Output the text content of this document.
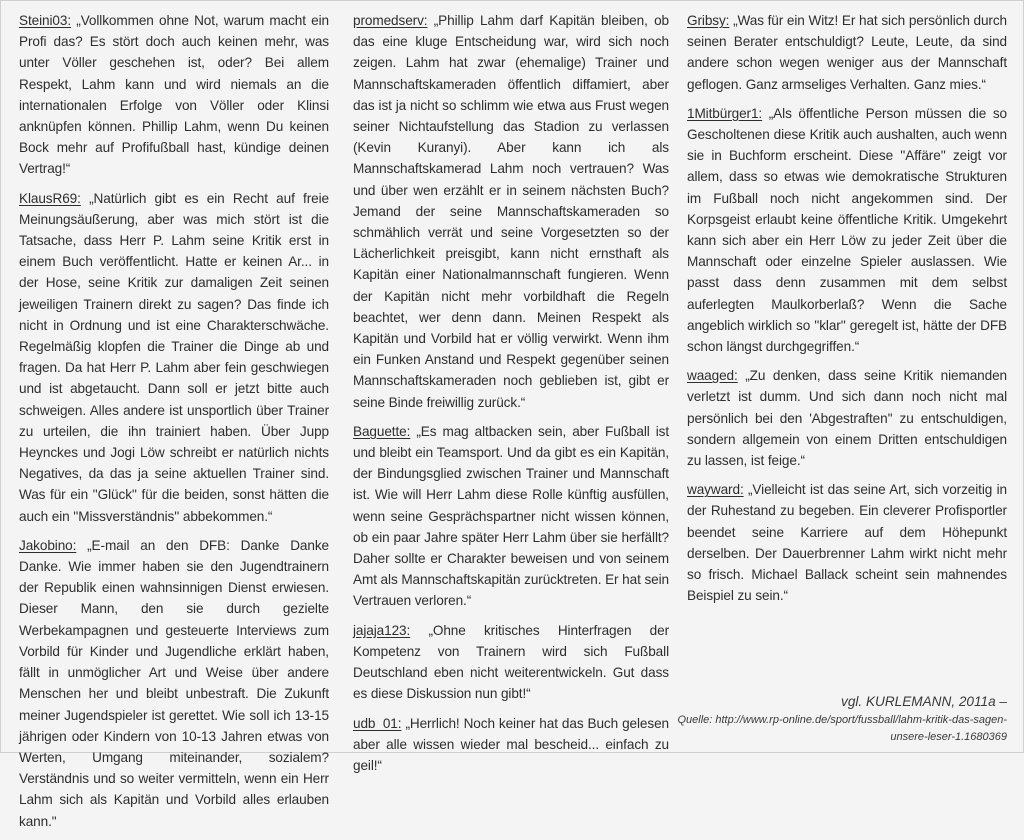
Steini03: „Vollkommen ohne Not, warum macht ein Profi das? Es stört doch auch keinen mehr, was unter Völler geschehen ist, oder? Bei allem Respekt, Lahm kann und wird niemals an die internationalen Erfolge von Völler oder Klinsi anknüpfen können. Phillip Lahm, wenn Du keinen Bock mehr auf Profifußball hast, kündige deinen Vertrag!“

KlausR69: „Natürlich gibt es ein Recht auf freie Meinungsäußerung, aber was mich stört ist die Tatsache, dass Herr P. Lahm seine Kritik erst in einem Buch veröffentlicht. Hatte er keinen Ar... in der Hose, seine Kritik zur damaligen Zeit seinen jeweiligen Trainern direkt zu sagen? Das finde ich nicht in Ordnung und ist eine Charakterschwäche. Regelmäßig klopfen die Trainer die Dinge ab und fragen. Da hat Herr P. Lahm aber fein geschwiegen und ist abgetaucht. Dann soll er jetzt bitte auch schweigen. Alles andere ist unsportlich über Trainer zu urteilen, die ihn trainiert haben. Über Jupp Heynckes und Jogi Löw schreibt er natürlich nichts Negatives, da das ja seine aktuellen Trainer sind. Was für ein ''Glück'' für die beiden, sonst hätten die auch ein ''Missverständnis'' abbekommen.“

Jakobino: „E-mail an den DFB: Danke Danke Danke. Wie immer haben sie den Jugendtrainern der Republik einen wahnsinnigen Dienst erwiesen. Dieser Mann, den sie durch gezielte Werbekampagnen und gesteuerte Interviews zum Vorbild für Kinder und Jugendliche erklärt haben, fällt in unmöglicher Art und Weise über andere Menschen her und bleibt unbestraft. Die Zukunft meiner Jugendspieler ist gerettet. Wie soll ich 13-15 jährigen oder Kindern von 10-13 Jahren etwas von Werten, Umgang miteinander, sozialem? Verständnis und so weiter vermitteln, wenn ein Herr Lahm sich als Kapitän und Vorbild alles erlauben kann."

promedserv: „Phillip Lahm darf Kapitän bleiben, ob das eine kluge Entscheidung war, wird sich noch zeigen. Lahm hat zwar (ehemalige) Trainer und Mannschaftskameraden öffentlich diffamiert, aber das ist ja nicht so schlimm wie etwa aus Frust wegen seiner Nichtaufstellung das Stadion zu verlassen (Kevin Kuranyi). Aber kann ich als Mannschaftskamerad Lahm noch vertrauen? Was und über wen erzählt er in seinem nächsten Buch? Jemand der seine Mannschaftskameraden so schmählich verrät und seine Vorgesetzten so der Lächerlichkeit preisgibt, kann nicht ernsthaft als Kapitän einer Nationalmannschaft fungieren. Wenn der Kapitän nicht mehr vorbildhaft die Regeln beachtet, wer denn dann. Meinen Respekt als Kapitän und Vorbild hat er völlig verwirkt. Wenn ihm ein Funken Anstand und Respekt gegenüber seinen Mannschaftskameraden noch geblieben ist, gibt er seine Binde freiwillig zurück.“

Baguette: „Es mag altbacken sein, aber Fußball ist und bleibt ein Teamsport. Und da gibt es ein Kapitän, der Bindungsglied zwischen Trainer und Mannschaft ist. Wie will Herr Lahm diese Rolle künftig ausfüllen, wenn seine Gesprächspartner nicht wissen können, ob ein paar Jahre später Herr Lahm über sie herfällt? Daher sollte er Charakter beweisen und von seinem Amt als Mannschaftskapitän zurücktreten. Er hat sein Vertrauen verloren.“

jajaja123: „Ohne kritisches Hinterfragen der Kompetenz von Trainern wird sich Fußball Deutschland eben nicht weiterentwickeln. Gut dass es diese Diskussion nun gibt!“

udb_01: „Herrlich! Noch keiner hat das Buch gelesen aber alle wissen wieder mal bescheid... einfach zu geil!“

Gribsy: „Was für ein Witz! Er hat sich persönlich durch seinen Berater entschuldigt? Leute, Leute, da sind andere schon wegen weniger aus der Mannschaft geflogen. Ganz armseliges Verhalten. Ganz mies.“

1Mitbürger1: „Als öffentliche Person müssen die so Gescholtenen diese Kritik auch aushalten, auch wenn sie in Buchform erscheint. Diese ''Affäre'' zeigt vor allem, dass so etwas wie demokratische Strukturen im Fußball noch nicht angekommen sind. Der Korpsgeist erlaubt keine öffentliche Kritik. Umgekehrt kann sich aber ein Herr Löw zu jeder Zeit über die Mannschaft oder einzelne Spieler auslassen. Wie passt dass denn zusammen mit dem selbst auferlegten Maulkorberlaß? Wenn die Sache angeblich wirklich so ''klar'' geregelt ist, hätte der DFB schon längst durchgegriffen.“

waaged: „Zu denken, dass seine Kritik niemanden verletzt ist dumm. Und sich dann noch nicht mal persönlich bei den 'Abgestraften'' zu entschuldigen, sondern allgemein von einem Dritten entschuldigen zu lassen, ist feige.“

wayward: „Vielleicht ist das seine Art, sich vorzeitig in der Ruhestand zu begeben. Ein cleverer Profisportler beendet seine Karriere auf dem Höhepunkt derselben. Der Dauerbrenner Lahm wirkt nicht mehr so frisch. Michael Ballack scheint sein mahnendes Beispiel zu sein.“

vgl. KURLEMANN, 2011a –
Quelle: http://www.rp-online.de/sport/fussball/lahm-kritik-das-sagen-unsere-leser-1.1680369
